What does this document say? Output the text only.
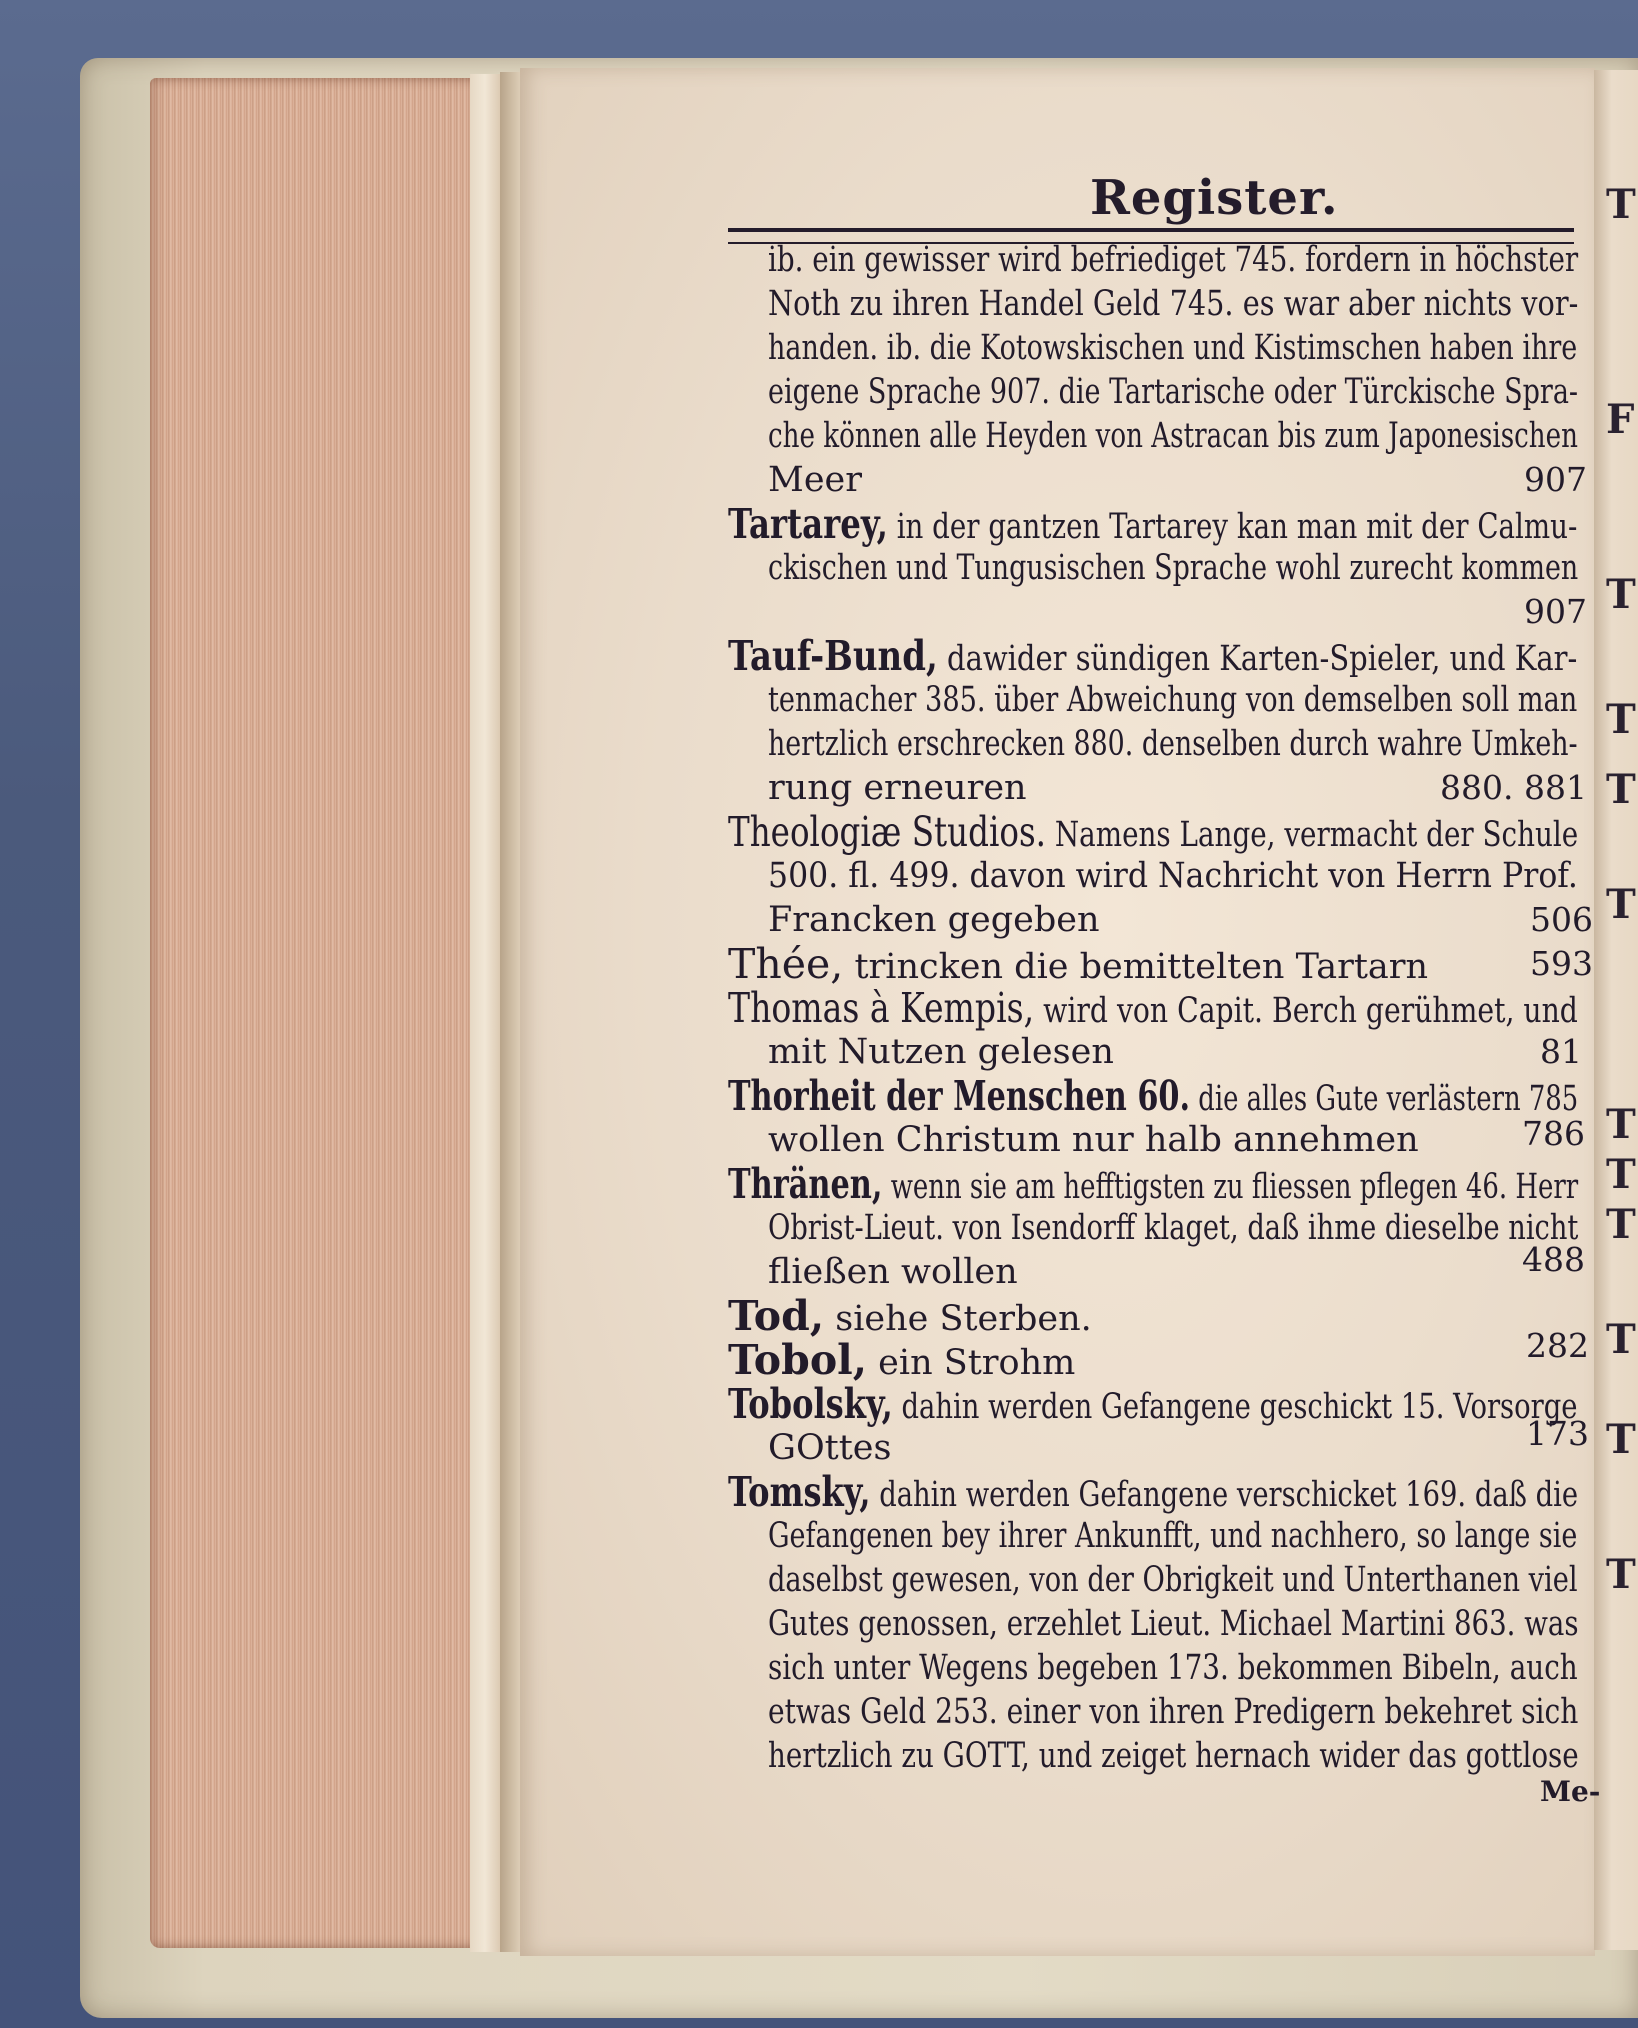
T
F
T
T
T
T
T
T
T
T
T
T
Register.
ib. ein gewisser wird befriediget 745. fordern in höchster
Noth zu ihren Handel Geld 745. es war aber nichts vor-
handen. ib. die Kotowskischen und Kistimschen haben ihre
eigene Sprache 907. die Tartarische oder Türckische Spra-
che können alle Heyden von Astracan bis zum Japonesischen
Meer	907
Tartarey, in der gantzen Tartarey kan man mit der Calmu-
ckischen und Tungusischen Sprache wohl zurecht kommen
907
Tauf-Bund, dawider sündigen Karten-Spieler, und Kar-
tenmacher 385. über Abweichung von demselben soll man
hertzlich erschrecken 880. denselben durch wahre Umkeh-
rung erneuren	880. 881
Theologiæ Studios. Namens Lange, vermacht der Schule
500. fl. 499. davon wird Nachricht von Herrn Prof.
Francken gegeben	506
Thée, trincken die bemittelten Tartarn	593
Thomas à Kempis, wird von Capit. Berch gerühmet, und
mit Nutzen gelesen	81
Thorheit der Menschen 60. die alles Gute verlästern 785
wollen Christum nur halb annehmen	786
Thränen, wenn sie am hefftigsten zu fliessen pflegen 46. Herr
Obrist-Lieut. von Isendorff klaget, daß ihme dieselbe nicht
fließen wollen	488
Tod, siehe Sterben.
Tobol, ein Strohm	282
Tobolsky, dahin werden Gefangene geschickt 15. Vorsorge
GOttes	173
Tomsky, dahin werden Gefangene verschicket 169. daß die
Gefangenen bey ihrer Ankunfft, und nachhero, so lange sie
daselbst gewesen, von der Obrigkeit und Unterthanen viel
Gutes genossen, erzehlet Lieut. Michael Martini 863. was
sich unter Wegens begeben 173. bekommen Bibeln, auch
etwas Geld 253. einer von ihren Predigern bekehret sich
hertzlich zu GOTT, und zeiget hernach wider das gottlose
Me-
